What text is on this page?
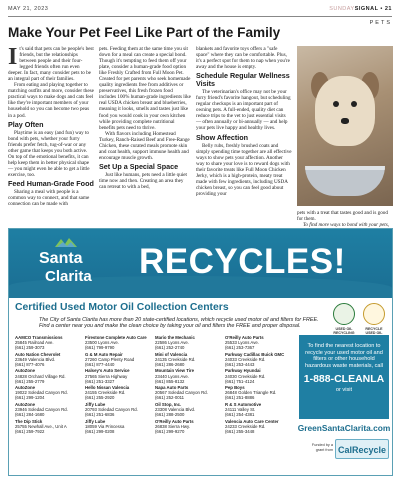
MAY 21, 2023	SUNDAYSIGNAL • 21
PETS
Make Your Pet Feel Like Part of the Family

It's said that pets can be people's best friends, but the relationships between people and their four-legged friends often run even deeper. In fact, many consider pets to be an integral part of their families.

From eating and playing together to matching outfits and more, consider these practical ways to make dogs and cats feel like they're important members of your household so you can become two peas in a pod.

Play Often

Playtime is an easy (and fun) way to bond with pets, whether your furry friends prefer fetch, tug-of-war or any other game that keeps you both active. On top of the emotional benefits, it can help keep them in better physical shape — you might even be able to get a little exercise, too.

Feed Human-Grade Food

Sharing a meal with people is a common way to connect, and that same connection can be made with

pets. Feeding them at the same time you sit down for a meal can create a special bond. Though it's tempting to feed them off your plate, consider a human-grade food option like Freshly Crafted from Full Moon Pet. Created for pet parents who seek homemade quality ingredients free from additives or preservatives, this fresh frozen food includes 100% human-grade ingredients like real USDA chicken breast and blueberries, meaning it looks, smells and tastes just like food you would cook in your own kitchen while providing complete nutritional benefits pets need to thrive.

With flavors including Homestead Turkey, Ranch-Raised Beef and Free-Range Chicken, these curated meals promote skin and coat health, support immune health and encourage muscle growth.

Set Up a Special Space

Just like humans, pets need a little quiet time now and then. Creating an area they can retreat to with a bed,

blankets and favorite toys offers a "safe space" where they can be comfortable. Plus, it's a perfect spot for them to nap when you're away and the house is empty.

Schedule Regular Wellness Visits

The veterinarian's office may not be your furry friend's favorite hangout, but scheduling regular checkups is an important part of owning pets. A full-ended, quality diet can reduce trips to the vet to just essential visits — often annually or bi-annually — and help your pets live happy and healthy lives.

Show Affection

Belly rubs, freshly brushed coats and simply spending time together are all effective ways to show pets your affection. Another way to share your love is to reward dogs with their favorite treats like Full Moon Chicken Jerky, which is a high-protein, meaty treat made with few ingredients, including USDA chicken breast, so you can feel good about providing your

pets with a treat that tastes good and is good for them.

To find more ways to bond with your pets,

Santa
Clarita RECYCLES!
Certified Used Motor Oil Collection Centers
The City of Santa Clarita has more than 20 state-certified locations, which recycle used motor oil and filters for FREE. Find a center near you and make the clean choice by taking your oil and filters the FREE and proper disposal.	USED OIL RECYCLING
RECYCLE USED OIL
AAMCO Transmissions
25845 Railroad Ave.
(661) 259-3073
Auto Nation Chevrolet
23649 Valencia Blvd.
(661) 877-4076
AutoZone
24828 Orchard Village Rd.
(661) 255-2779
AutoZone
19022 Soledad Canyon Rd.
(661) 299-1204
AutoZone
23946 Soledad Canyon Rd.
(661) 284-1680
The Dip Stick
25755 Newhall Ave., Unit A
(661) 259-7922
Firestone Complete Auto Care
23500 Lyons Ave.
(661) 799-9790
G & M Auto Repair
27260 Camp Plenty Road
(661) 877-4440
Halsey's Auto Service
27565 Sierra Highway
(661) 251-3327
Hello Nissan Valencia
24155 Creekside Rd.
(661) 255-2920
Jiffy Lube
20793 Soledad Canyon Rd.
(661) 251-6836
Jiffy Lube
18059 Via Princessa
(661) 299-0208
Mario the Mechanic
22586 Lyons Ave.
(661) 252-2740
Mini of Valencia
24135 Creekside Rd.
(661) 286-2680
Mountain View Tire
23440 Lyons Ave.
(661) 855-8132
Napa Auto Parts
20567 Soledad Canyon Rd.
(661) 252-0011
Oil Stop, Inc.
23308 Valencia Blvd.
(661) 288-2500
O'Reilly Auto Parts
26838 Sierra Hwy.
(661) 299-9270
O'Reilly Auto Parts
25533 Lyons Ave.
(661) 253-7367
Parkway Cadillac Buick GMC
24033 Creekside Rd.
(661) 253-4443
Parkway Hyundai
24030 Creekside Rd.
(661) 751-4124
Pep Boys
26848 Golden Triangle Rd.
(661) 251-8886
R & S Automotive
24111 Valley St.
(661) 254-4381
Valencia Auto Care Center
24233 Creekside Rd.
(661) 255-3448
To find the nearest location to recycle your used motor oil and filters or other household hazardous waste materials, call
1-888-CLEANLA
or visit
GreenSantaClarita.com
Funded by a grant from CalRecycle
